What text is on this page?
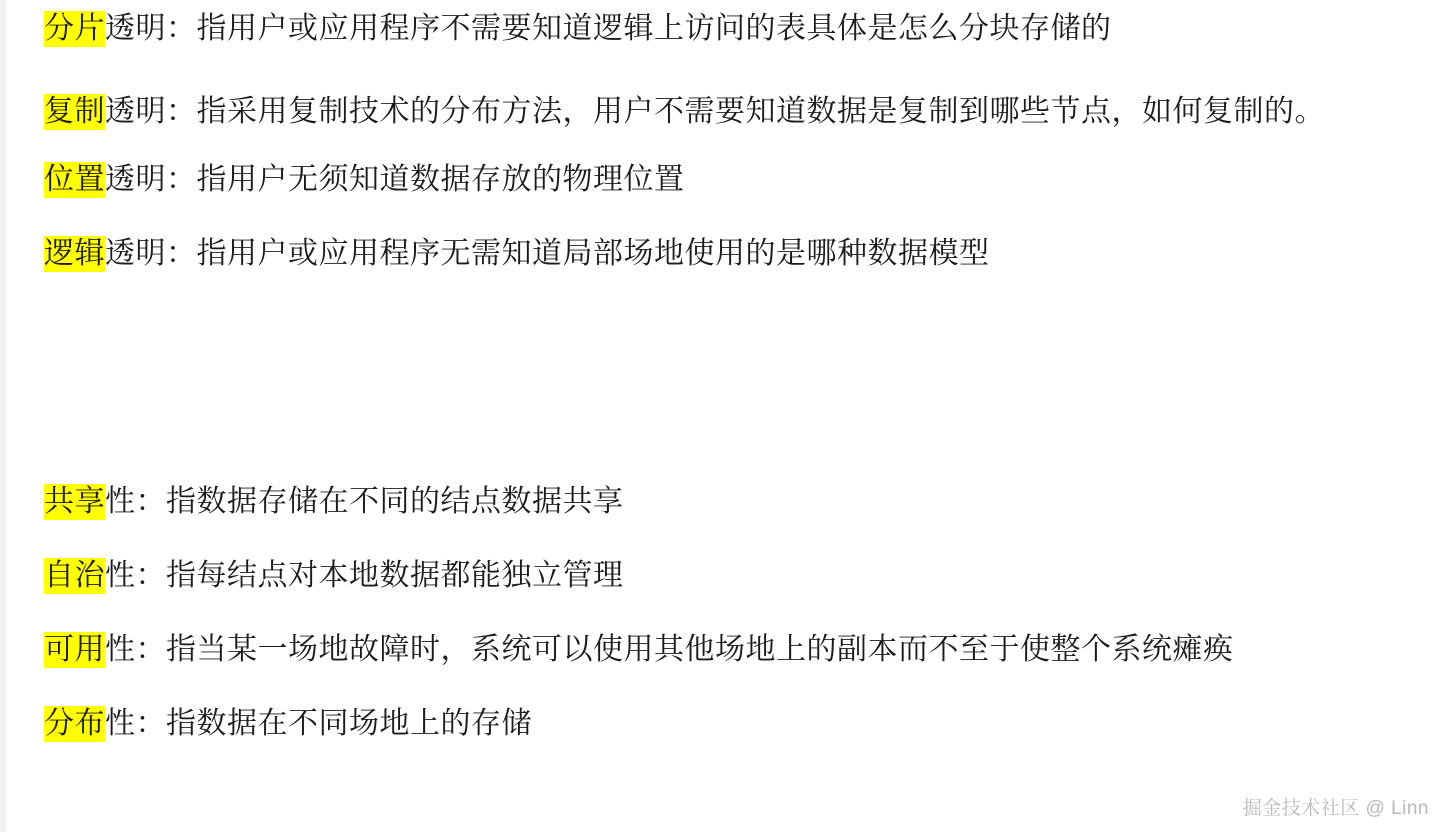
分片透明：指用户或应用程序不需要知道逻辑上访问的表具体是怎么分块存储的

复制透明：指采用复制技术的分布方法，用户不需要知道数据是复制到哪些节点，如何复制的。

位置透明：指用户无须知道数据存放的物理位置

逻辑透明：指用户或应用程序无需知道局部场地使用的是哪种数据模型

共享性：指数据存储在不同的结点数据共享

自治性：指每结点对本地数据都能独立管理

可用性：指当某一场地故障时，系统可以使用其他场地上的副本而不至于使整个系统瘫痪

分布性：指数据在不同场地上的存储

掘金技术社区 @ Linn
